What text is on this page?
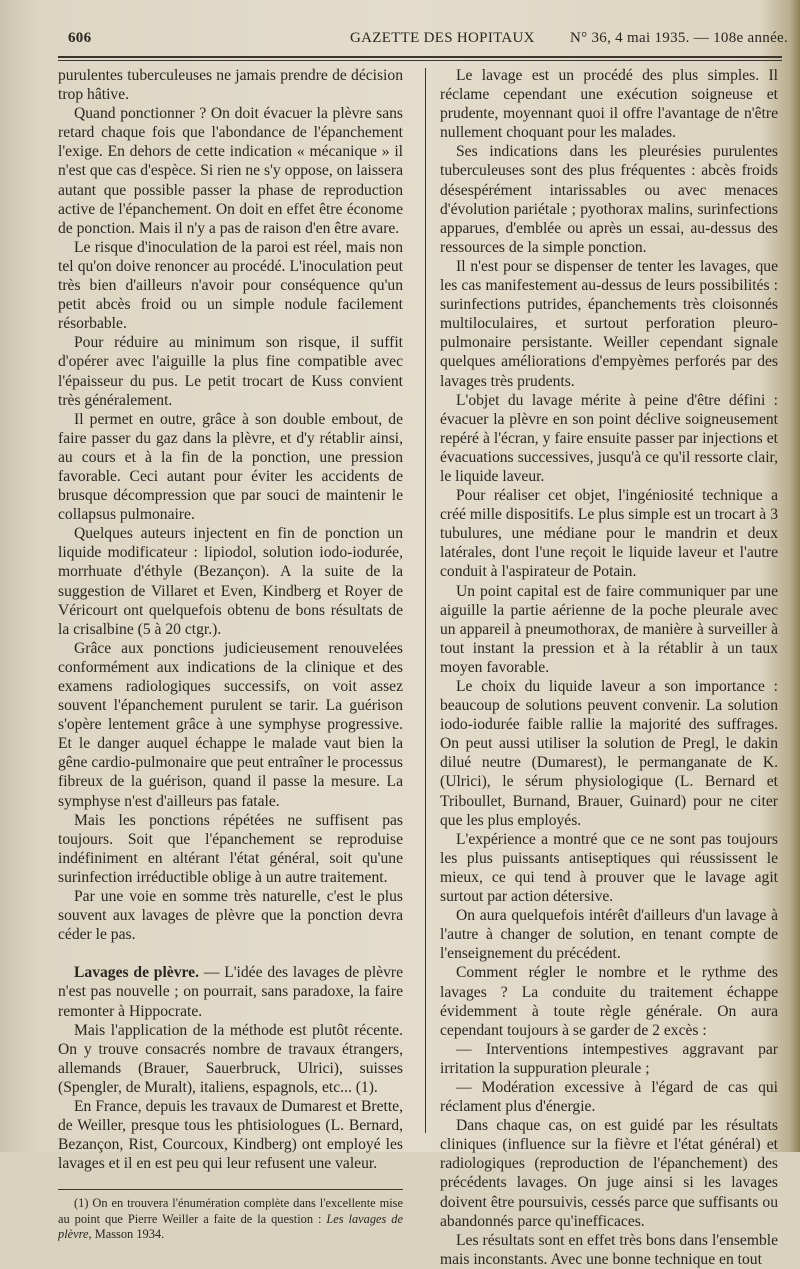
606	GAZETTE DES HOPITAUX N° 36, 4 mai 1935. — 108e année.

purulentes tuberculeuses ne jamais prendre de décision trop hâtive.

Quand ponctionner ? On doit évacuer la plèvre sans retard chaque fois que l'abondance de l'épanchement l'exige. En dehors de cette indication « mécanique » il n'est que cas d'espèce. Si rien ne s'y oppose, on laissera autant que possible passer la phase de reproduction active de l'épanchement. On doit en effet être économe de ponction. Mais il n'y a pas de raison d'en être avare.

Le risque d'inoculation de la paroi est réel, mais non tel qu'on doive renoncer au procédé. L'inoculation peut très bien d'ailleurs n'avoir pour conséquence qu'un petit abcès froid ou un simple nodule facilement résorbable.

Pour réduire au minimum son risque, il suffit d'opérer avec l'aiguille la plus fine compatible avec l'épaisseur du pus. Le petit trocart de Kuss convient très généralement.

Il permet en outre, grâce à son double embout, de faire passer du gaz dans la plèvre, et d'y rétablir ainsi, au cours et à la fin de la ponction, une pression favorable. Ceci autant pour éviter les accidents de brusque décompression que par souci de maintenir le collapsus pulmonaire.

Quelques auteurs injectent en fin de ponction un liquide modificateur : lipiodol, solution iodo-iodurée, morrhuate d'éthyle (Bezançon). A la suite de la suggestion de Villaret et Even, Kindberg et Royer de Véricourt ont quelquefois obtenu de bons résultats de la crisalbine (5 à 20 ctgr.).

Grâce aux ponctions judicieusement renouvelées conformément aux indications de la clinique et des examens radiologiques successifs, on voit assez souvent l'épanchement purulent se tarir. La guérison s'opère lentement grâce à une symphyse progressive. Et le danger auquel échappe le malade vaut bien la gêne cardio-pulmonaire que peut entraîner le processus fibreux de la guérison, quand il passe la mesure. La symphyse n'est d'ailleurs pas fatale.

Mais les ponctions répétées ne suffisent pas toujours. Soit que l'épanchement se reproduise indéfiniment en altérant l'état général, soit qu'une surinfection irréductible oblige à un autre traitement.

Par une voie en somme très naturelle, c'est le plus souvent aux lavages de plèvre que la ponction devra céder le pas.

Lavages de plèvre. — L'idée des lavages de plèvre n'est pas nouvelle ; on pourrait, sans paradoxe, la faire remonter à Hippocrate.

Mais l'application de la méthode est plutôt récente. On y trouve consacrés nombre de travaux étrangers, allemands (Brauer, Sauerbruck, Ulrici), suisses (Spengler, de Muralt), italiens, espagnols, etc... (1).

En France, depuis les travaux de Dumarest et Brette, de Weiller, presque tous les phtisiologues (L. Bernard, Bezançon, Rist, Courcoux, Kindberg) ont employé les lavages et il en est peu qui leur refusent une valeur.

(1) On en trouvera l'énumération complète dans l'excellente mise au point que Pierre Weiller a faite de la question : Les lavages de plèvre, Masson 1934.

Le lavage est un procédé des plus simples. Il réclame cependant une exécution soigneuse et prudente, moyennant quoi il offre l'avantage de n'être nullement choquant pour les malades.

Ses indications dans les pleurésies purulentes tuberculeuses sont des plus fréquentes : abcès froids désespérément intarissables ou avec menaces d'évolution pariétale ; pyothorax malins, surinfections apparues, d'emblée ou après un essai, au-dessus des ressources de la simple ponction.

Il n'est pour se dispenser de tenter les lavages, que les cas manifestement au-dessus de leurs possibilités : surinfections putrides, épanchements très cloisonnés multiloculaires, et surtout perforation pleuro-pulmonaire persistante. Weiller cependant signale quelques améliorations d'empyèmes perforés par des lavages très prudents.

L'objet du lavage mérite à peine d'être défini : évacuer la plèvre en son point déclive soigneusement repéré à l'écran, y faire ensuite passer par injections et évacuations successives, jusqu'à ce qu'il ressorte clair, le liquide laveur.

Pour réaliser cet objet, l'ingéniosité technique a créé mille dispositifs. Le plus simple est un trocart à 3 tubulures, une médiane pour le mandrin et deux latérales, dont l'une reçoit le liquide laveur et l'autre conduit à l'aspirateur de Potain.

Un point capital est de faire communiquer par une aiguille la partie aérienne de la poche pleurale avec un appareil à pneumothorax, de manière à surveiller à tout instant la pression et à la rétablir à un taux moyen favorable.

Le choix du liquide laveur a son importance : beaucoup de solutions peuvent convenir. La solution iodo-iodurée faible rallie la majorité des suffrages. On peut aussi utiliser la solution de Pregl, le dakin dilué neutre (Dumarest), le permanganate de K. (Ulrici), le sérum physiologique (L. Bernard et Triboullet, Burnand, Brauer, Guinard) pour ne citer que les plus employés.

L'expérience a montré que ce ne sont pas toujours les plus puissants antiseptiques qui réussissent le mieux, ce qui tend à prouver que le lavage agit surtout par action détersive.

On aura quelquefois intérêt d'ailleurs d'un lavage à l'autre à changer de solution, en tenant compte de l'enseignement du précédent.

Comment régler le nombre et le rythme des lavages ? La conduite du traitement échappe évidemment à toute règle générale. On aura cependant toujours à se garder de 2 excès :

— Interventions intempestives aggravant par irritation la suppuration pleurale ;

— Modération excessive à l'égard de cas qui réclament plus d'énergie.

Dans chaque cas, on est guidé par les résultats cliniques (influence sur la fièvre et l'état général) et radiologiques (reproduction de l'épanchement) des précédents lavages. On juge ainsi si les lavages doivent être poursuivis, cessés parce que suffisants ou abandonnés parce qu'inefficaces.

Les résultats sont en effet très bons dans l'ensemble mais inconstants. Avec une bonne technique en tout
